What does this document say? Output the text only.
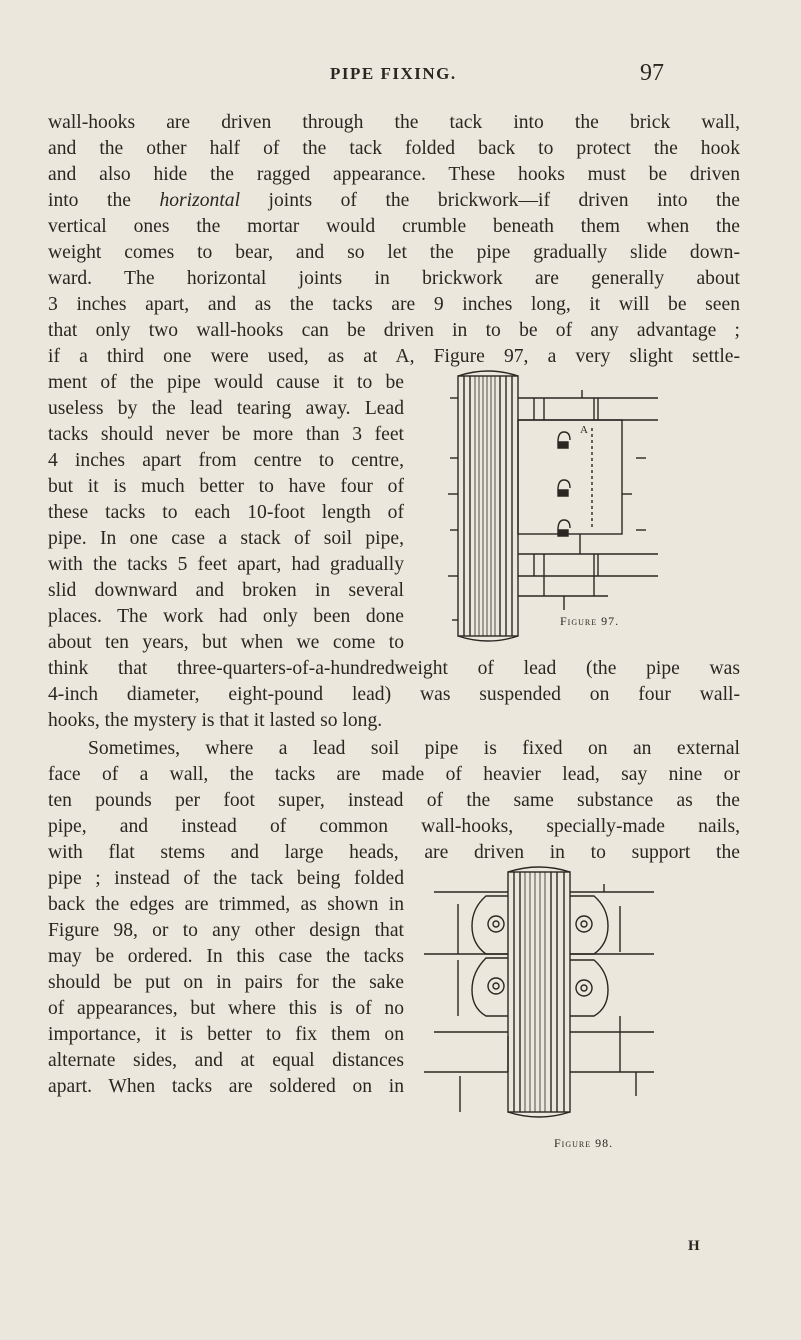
PIPE FIXING.	97
wall-hooks are driven through the tack into the brick wall,
and the other half of the tack folded back to protect the hook
and also hide the ragged appearance. These hooks must be driven
into the horizontal joints of the brickwork—if driven into the
vertical ones the mortar would crumble beneath them when the
weight comes to bear, and so let the pipe gradually slide down-
ward. The horizontal joints in brickwork are generally about
3 inches apart, and as the tacks are 9 inches long, it will be seen
that only two wall-hooks can be driven in to be of any advantage ;
if a third one were used, as at A, Figure 97, a very slight settle-
ment of the pipe would cause it to be
useless by the lead tearing away. Lead
tacks should never be more than 3 feet
4 inches apart from centre to centre,
but it is much better to have four of
these tacks to each 10-foot length of
pipe. In one case a stack of soil pipe,
with the tacks 5 feet apart, had gradually
slid downward and broken in several
places. The work had only been done
about ten years, but when we come to
think that three-quarters-of-a-hundredweight of lead (the pipe was
4-inch diameter, eight-pound lead) was suspended on four wall-
hooks, the mystery is that it lasted so long.
Sometimes, where a lead soil pipe is fixed on an external
face of a wall, the tacks are made of heavier lead, say nine or
ten pounds per foot super, instead of the same substance as the
pipe, and instead of common wall-hooks, specially-made nails,
with flat stems and large heads, are driven in to support the
pipe ; instead of the tack being folded
back the edges are trimmed, as shown in
Figure 98, or to any other design that
may be ordered. In this case the tacks
should be put on in pairs for the sake
of appearances, but where this is of no
importance, it is better to fix them on
alternate sides, and at equal distances
apart. When tacks are soldered on in
A
Figure 97.
Figure 98.
H
